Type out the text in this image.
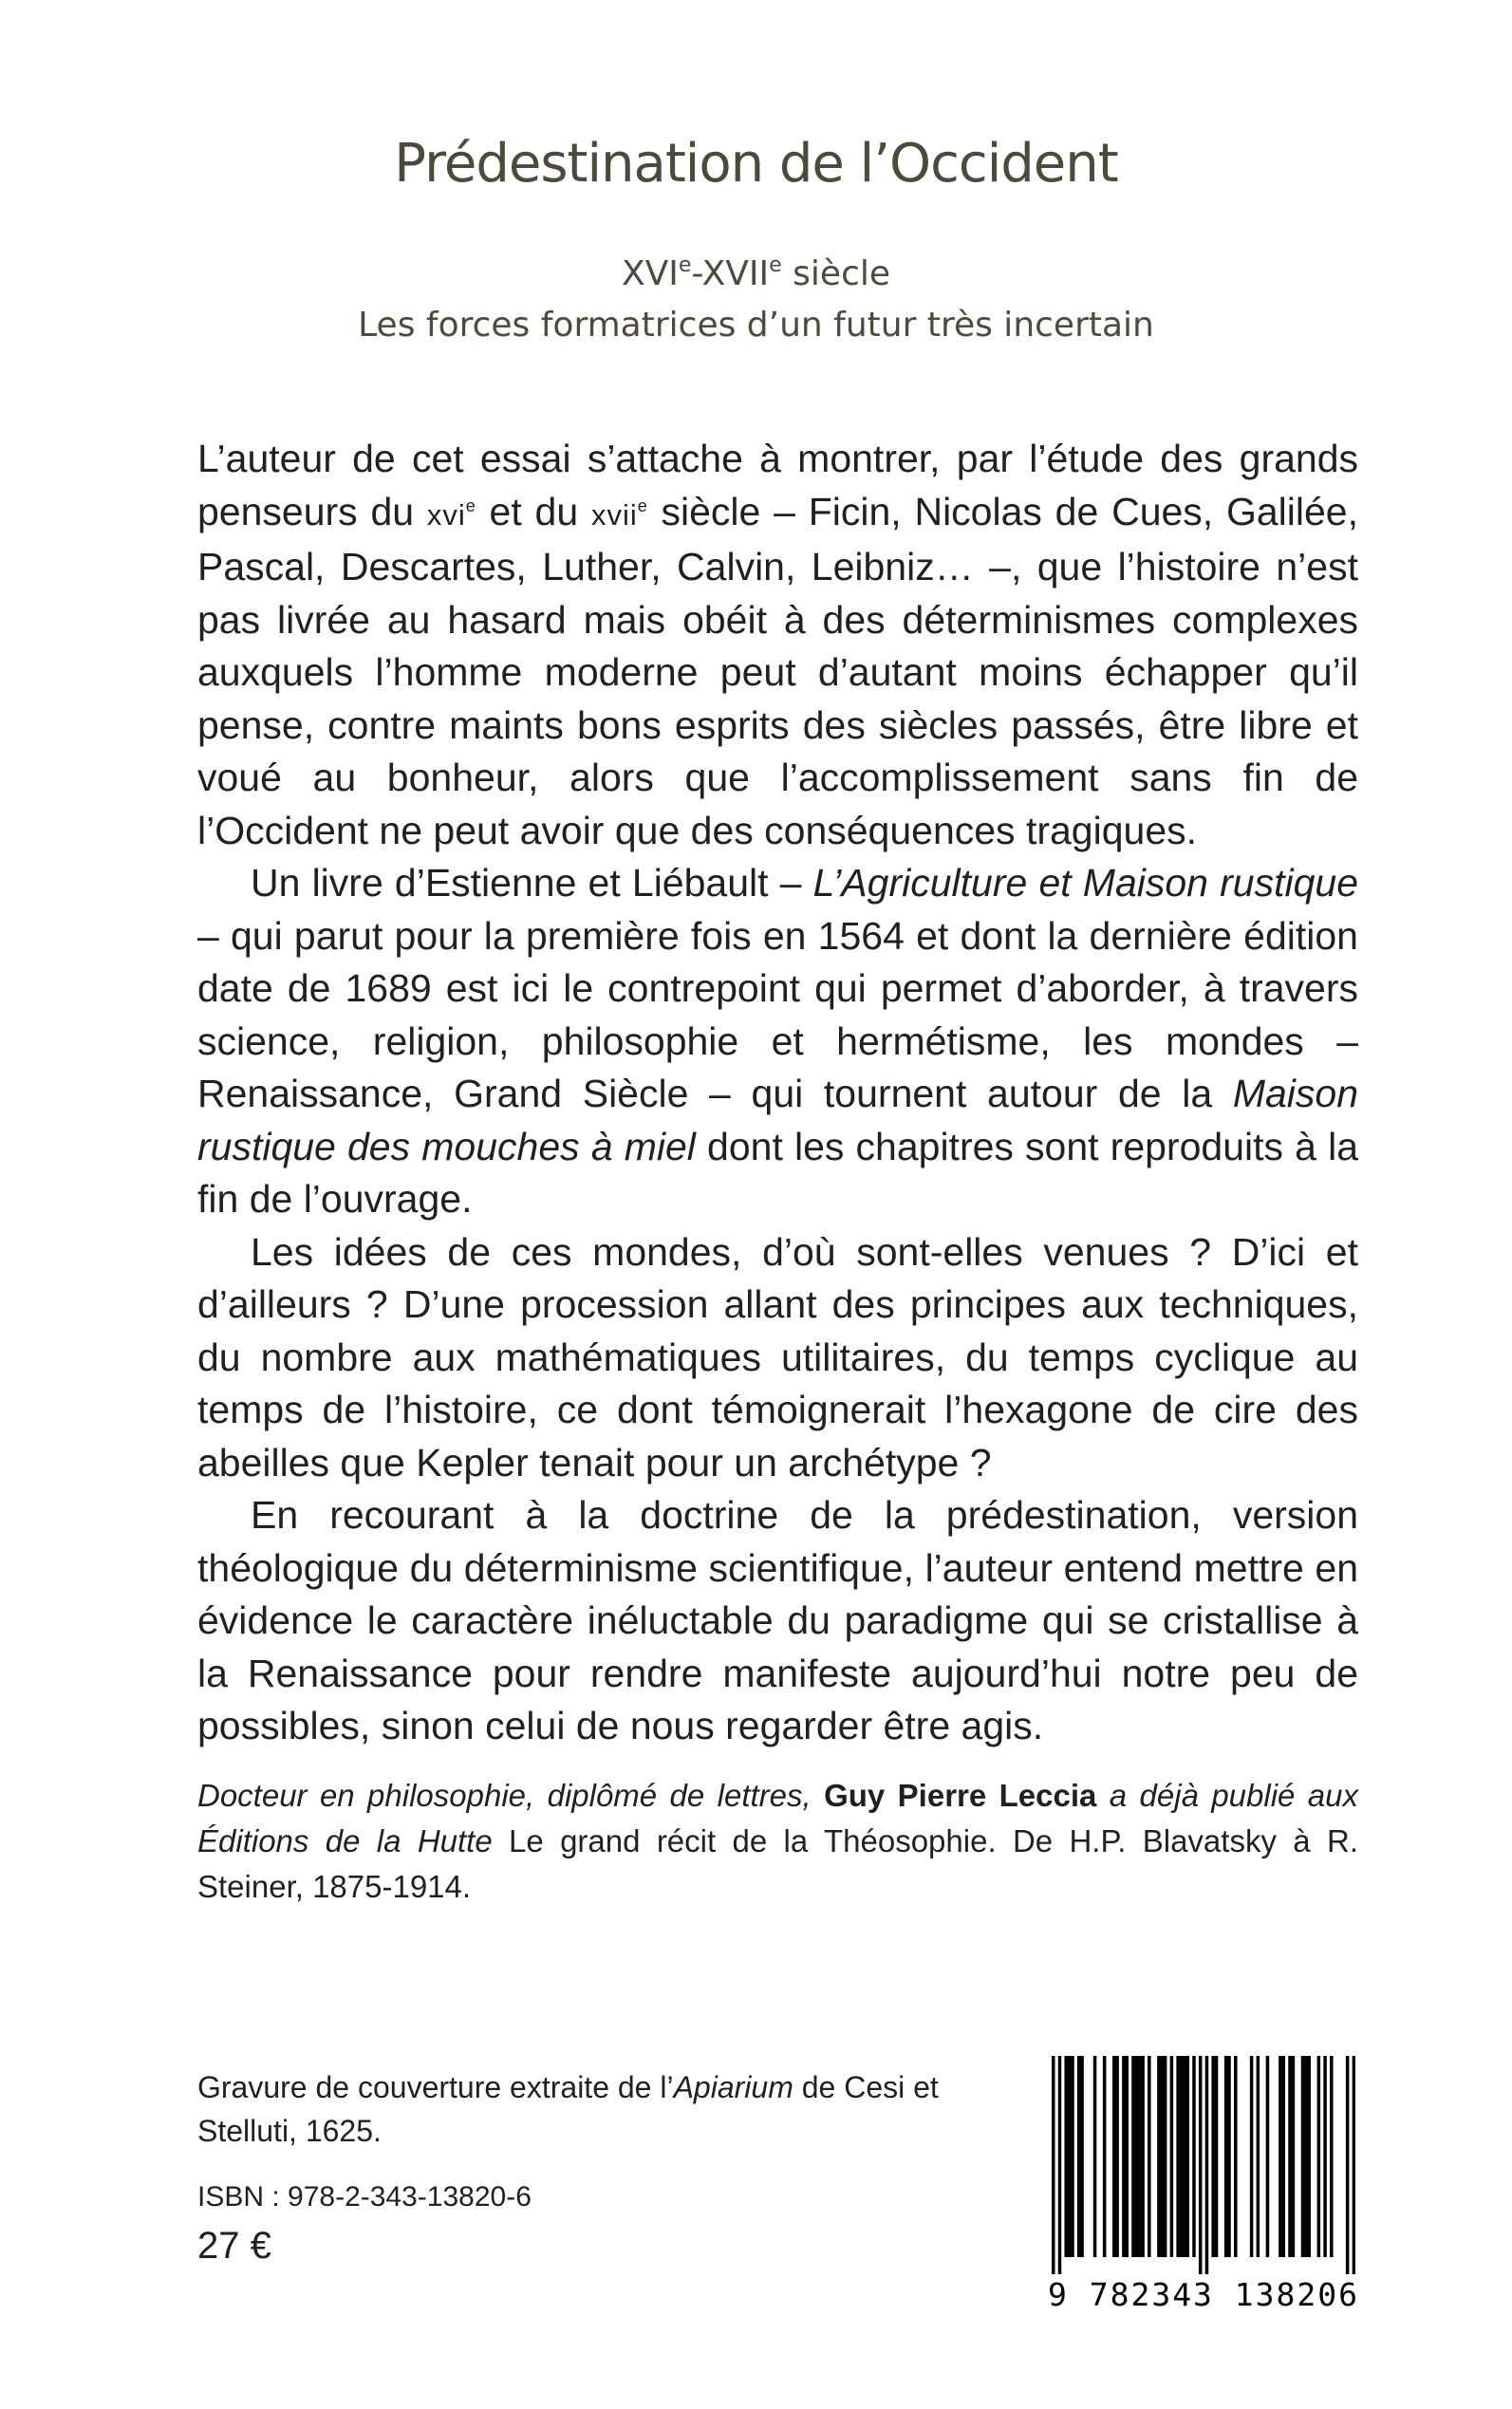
Prédestination de l’Occident
XVIe-XVIIe siècle
Les forces formatrices d’un futur très incertain

L’auteur de cet essai s’attache à montrer, par l’étude des grands penseurs du xvi$^e$ et du xvii$^e$ siècle – Ficin, Nicolas de Cues, Galilée, Pascal, Descartes, Luther, Calvin, Leibniz… –, que l’histoire n’est pas livrée au hasard mais obéit à des déterminismes complexes auxquels l’homme moderne peut d’autant moins échapper qu’il pense, contre maints bons esprits des siècles passés, être libre et voué au bonheur, alors que l’accomplissement sans fin de l’Occident ne peut avoir que des conséquences tragiques.

Un livre d’Estienne et Liébault – L’Agriculture et Maison rustique – qui parut pour la première fois en 1564 et dont la dernière édition date de 1689 est ici le contrepoint qui permet d’aborder, à travers science, religion, philosophie et hermétisme, les mondes – Renaissance, Grand Siècle – qui tournent autour de la Maison rustique des mouches à miel dont les chapitres sont reproduits à la fin de l’ouvrage.

Les idées de ces mondes, d’où sont-elles venues ? D’ici et d’ailleurs ? D’une procession allant des principes aux techniques, du nombre aux mathématiques utilitaires, du temps cyclique au temps de l’histoire, ce dont témoignerait l’hexagone de cire des abeilles que Kepler tenait pour un archétype ?

En recourant à la doctrine de la prédestination, version théologique du déterminisme scientifique, l’auteur entend mettre en évidence le caractère inéluctable du paradigme qui se cristallise à la Renaissance pour rendre manifeste aujourd’hui notre peu de possibles, sinon celui de nous regarder être agis.

Docteur en philosophie, diplômé de lettres, Guy Pierre Leccia a déjà publié aux Éditions de la Hutte Le grand récit de la Théosophie. De H.P. Blavatsky à R. Steiner, 1875-1914.

Gravure de couverture extraite de l’Apiarium de Cesi et Stelluti, 1625.

ISBN : 978-2-343-13820-6
27 €
9 782343 138206
